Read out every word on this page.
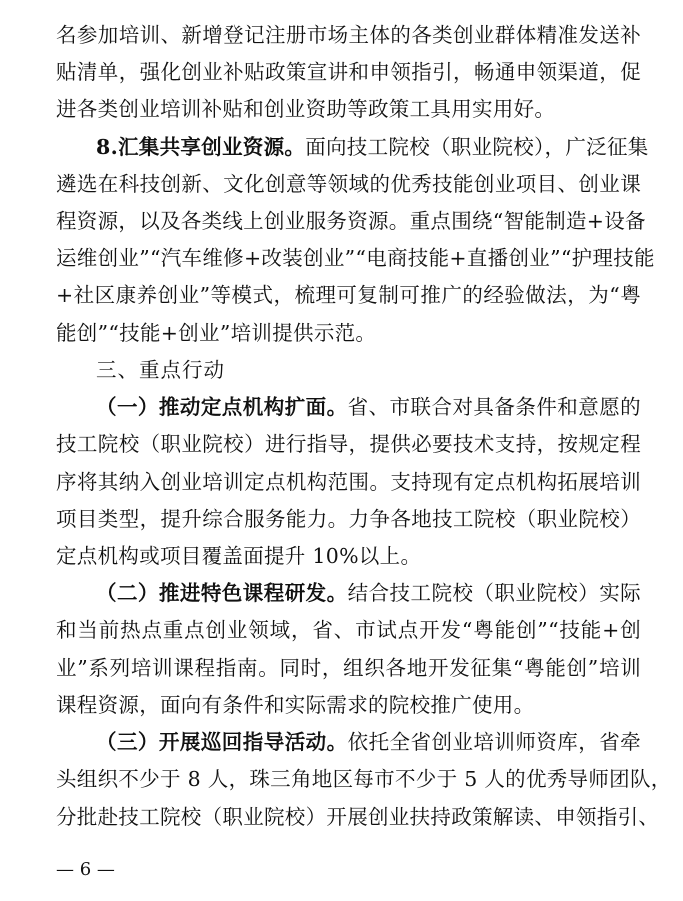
名参加培训、新增登记注册市场主体的各类创业群体精准发送补
贴清单，强化创业补贴政策宣讲和申领指引，畅通申领渠道，促
进各类创业培训补贴和创业资助等政策工具用实用好。
8.汇集共享创业资源。面向技工院校（职业院校），广泛征集
遴选在科技创新、文化创意等领域的优秀技能创业项目、创业课
程资源，以及各类线上创业服务资源。重点围绕“智能制造+设备
运维创业”“汽车维修+改装创业”“电商技能+直播创业”“护理技能
+社区康养创业”等模式，梳理可复制可推广的经验做法，为“粤
能创”“技能+创业”培训提供示范。
三、重点行动
（一）推动定点机构扩面。省、市联合对具备条件和意愿的
技工院校（职业院校）进行指导，提供必要技术支持，按规定程
序将其纳入创业培训定点机构范围。支持现有定点机构拓展培训
项目类型，提升综合服务能力。力争各地技工院校（职业院校）
定点机构或项目覆盖面提升 10%以上。
（二）推进特色课程研发。结合技工院校（职业院校）实际
和当前热点重点创业领域，省、市试点开发“粤能创”“技能+创
业”系列培训课程指南。同时，组织各地开发征集“粤能创”培训
课程资源，面向有条件和实际需求的院校推广使用。
（三）开展巡回指导活动。依托全省创业培训师资库，省牵
头组织不少于 8 人，珠三角地区每市不少于 5 人的优秀导师团队，
分批赴技工院校（职业院校）开展创业扶持政策解读、申领指引、
— 6 —
